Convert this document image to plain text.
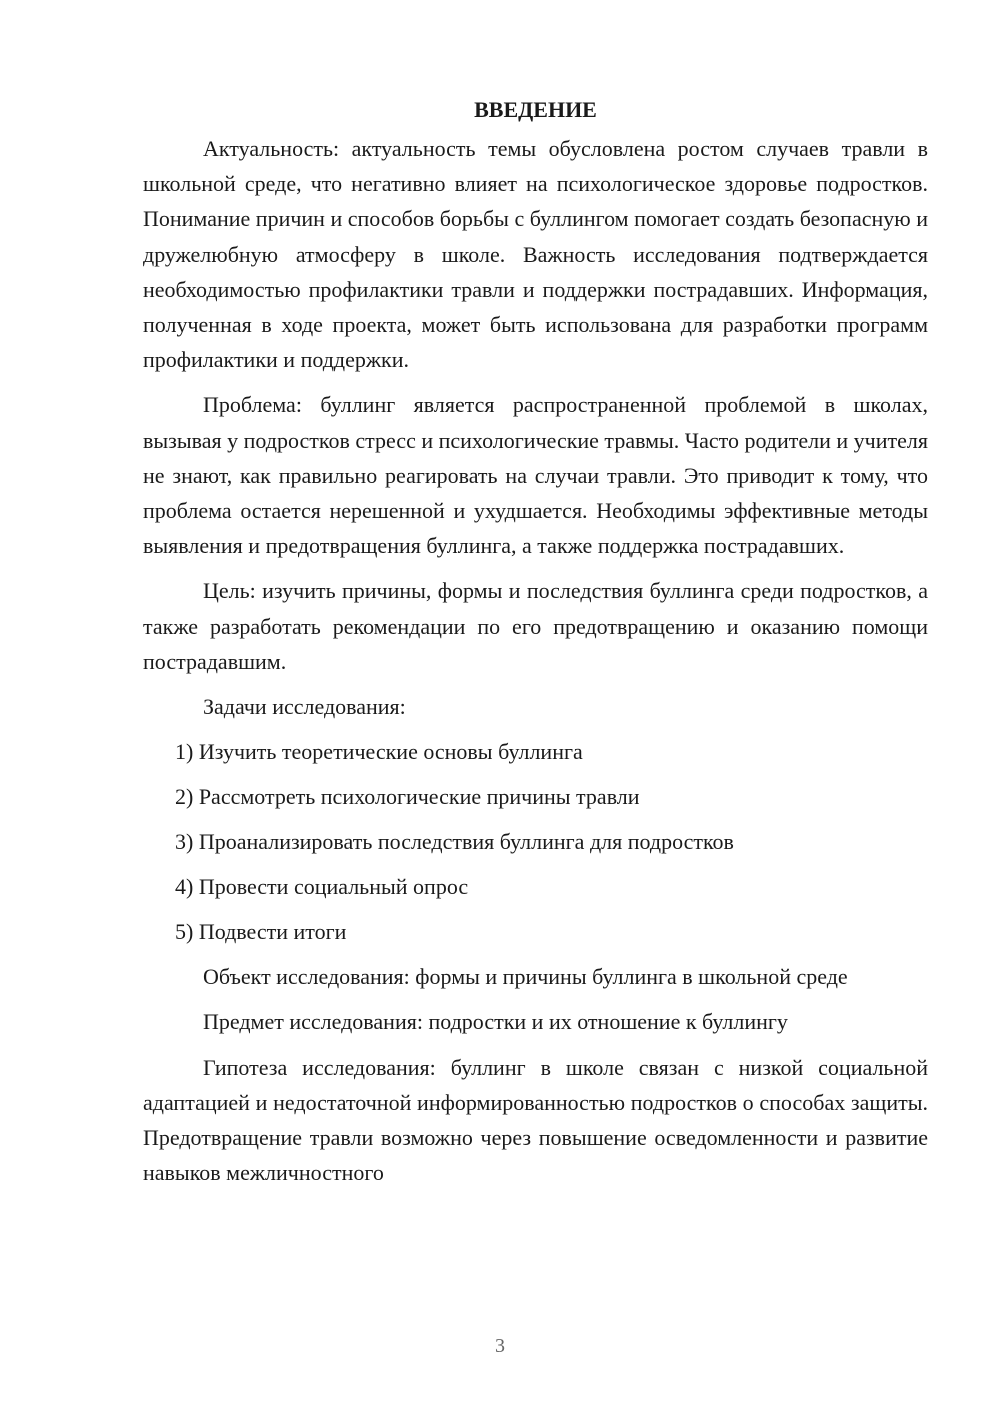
ВВЕДЕНИЕ
Актуальность: актуальность темы обусловлена ростом случаев травли в школьной среде, что негативно влияет на психологическое здоровье подростков. Понимание причин и способов борьбы с буллингом помогает создать безопасную и дружелюбную атмосферу в школе. Важность исследования подтверждается необходимостью профилактики травли и поддержки пострадавших. Информация, полученная в ходе проекта, может быть использована для разработки программ профилактики и поддержки.
Проблема: буллинг является распространенной проблемой в школах, вызывая у подростков стресс и психологические травмы. Часто родители и учителя не знают, как правильно реагировать на случаи травли. Это приводит к тому, что проблема остается нерешенной и ухудшается. Необходимы эффективные методы выявления и предотвращения буллинга, а также поддержка пострадавших.
Цель: изучить причины, формы и последствия буллинга среди подростков, а также разработать рекомендации по его предотвращению и оказанию помощи пострадавшим.
Задачи исследования:
1) Изучить теоретические основы буллинга
2) Рассмотреть психологические причины травли
3) Проанализировать последствия буллинга для подростков
4) Провести социальный опрос
5) Подвести итоги
Объект исследования: формы и причины буллинга в школьной среде
Предмет исследования: подростки и их отношение к буллингу
Гипотеза исследования: буллинг в школе связан с низкой социальной адаптацией и недостаточной информированностью подростков о способах защиты. Предотвращение травли возможно через повышение осведомленности и развитие навыков межличностного
3
